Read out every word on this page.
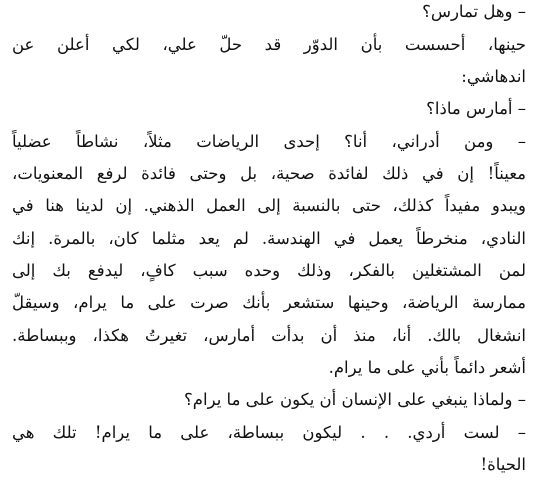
– وهل تمارس؟
حينها، أحسست بأن الدوّر قد حلّ علي، لكي أعلن عن
اندهاشي:
– أمارس ماذا؟
– ومن أدراني، أنا؟ إحدى الرياضات مثلاً، نشاطاً عضلياً
معيناً! إن في ذلك لفائدة صحية، بل وحتى فائدة لرفع المعنويات،
ويبدو مفيداً كذلك، حتى بالنسبة إلى العمل الذهني. إن لدينا هنا في
النادي، منخرطاً يعمل في الهندسة. لم يعد مثلما كان، بالمرة. إنك
لمن المشتغلين بالفكر، وذلك وحده سبب كافٍ، ليدفع بك إلى
ممارسة الرياضة، وحينها ستشعر بأنك صرت على ما يرام، وسيقلّ
انشغال بالك. أنا، منذ أن بدأت أمارس، تغيرتُ هكذا، وببساطة.
أشعر دائماً بأني على ما يرام.
– ولماذا ينبغي على الإنسان أن يكون على ما يرام؟
– لست أردي. . . ليكون ببساطة، على ما يرام! تلك هي
الحياة!
